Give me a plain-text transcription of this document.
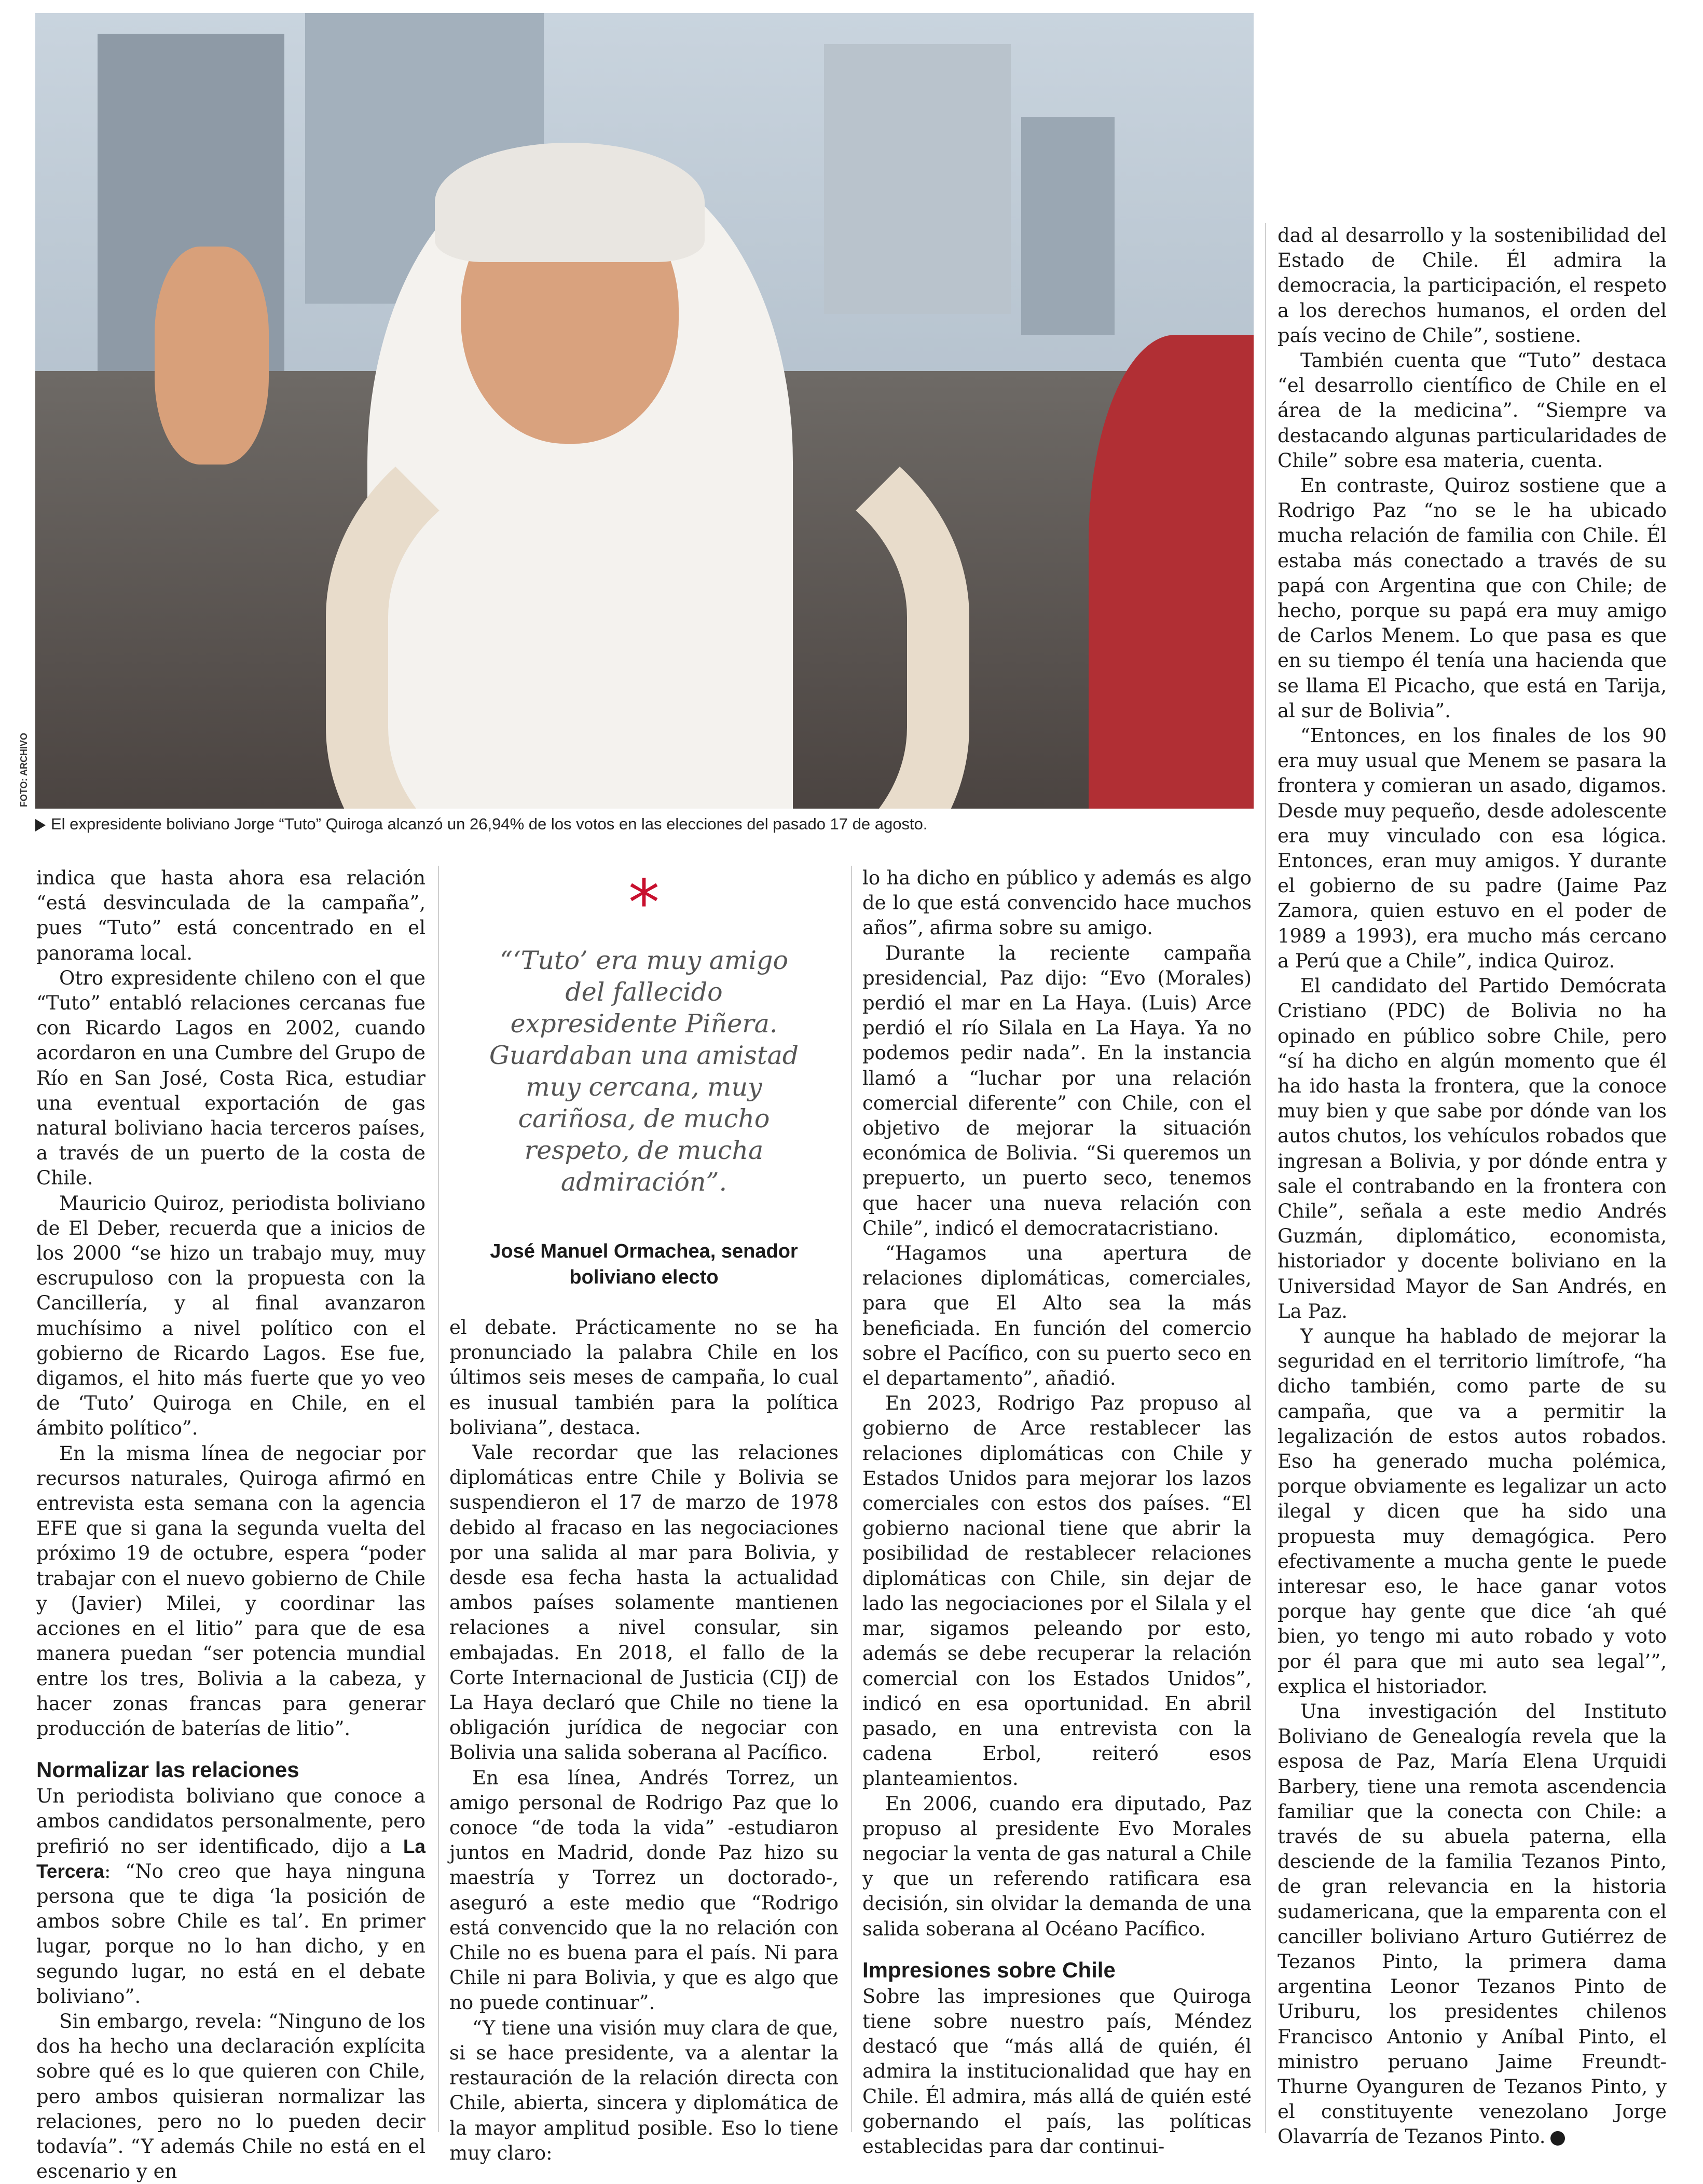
FOTO: ARCHIVO
El expresidente boliviano Jorge “Tuto” Quiroga alcanzó un 26,94% de los votos en las elecciones del pasado 17 de agosto.

indica que hasta ahora esa relación “está desvinculada de la campaña”, pues “Tuto” está concentrado en el panorama local.

Otro expresidente chileno con el que “Tuto” entabló relaciones cercanas fue con Ricardo Lagos en 2002, cuando acordaron en una Cumbre del Grupo de Río en San José, Costa Rica, estudiar una eventual exportación de gas natural boliviano hacia terceros países, a través de un puerto de la costa de Chile.

Mauricio Quiroz, periodista boliviano de El Deber, recuerda que a inicios de los 2000 “se hizo un trabajo muy, muy escrupuloso con la propuesta con la Cancillería, y al final avanzaron muchísimo a nivel político con el gobierno de Ricardo Lagos. Ese fue, digamos, el hito más fuerte que yo veo de ‘Tuto’ Quiroga en Chile, en el ámbito político”.

En la misma línea de negociar por recursos naturales, Quiroga afirmó en entrevista esta semana con la agencia EFE que si gana la segunda vuelta del próximo 19 de octubre, espera “poder trabajar con el nuevo gobierno de Chile y (Javier) Milei, y coordinar las acciones en el litio” para que de esa manera puedan “ser potencia mundial entre los tres, Bolivia a la cabeza, y hacer zonas francas para generar producción de baterías de litio”.

Normalizar las relaciones

Un periodista boliviano que conoce a ambos candidatos personalmente, pero prefirió no ser identificado, dijo a La Tercera: “No creo que haya ninguna persona que te diga ‘la posición de ambos sobre Chile es tal’. En primer lugar, porque no lo han dicho, y en segundo lugar, no está en el debate boliviano”.

Sin embargo, revela: “Ninguno de los dos ha hecho una declaración explícita sobre qué es lo que quieren con Chile, pero ambos quisieran normalizar las relaciones, pero no lo pueden decir todavía”. “Y además Chile no está en el escenario y en

*
“‘Tuto’ era muy amigo del fallecido expresidente Piñera. Guardaban una amistad muy cercana, muy cariñosa, de mucho respeto, de mucha admiración”.
José Manuel Ormachea, senador boliviano electo

el debate. Prácticamente no se ha pronunciado la palabra Chile en los últimos seis meses de campaña, lo cual es inusual también para la política boliviana”, destaca.

Vale recordar que las relaciones diplomáticas entre Chile y Bolivia se suspendieron el 17 de marzo de 1978 debido al fracaso en las negociaciones por una salida al mar para Bolivia, y desde esa fecha hasta la actualidad ambos países solamente mantienen relaciones a nivel consular, sin embajadas. En 2018, el fallo de la Corte Internacional de Justicia (CIJ) de La Haya declaró que Chile no tiene la obligación jurídica de negociar con Bolivia una salida soberana al Pacífico.

En esa línea, Andrés Torrez, un amigo personal de Rodrigo Paz que lo conoce “de toda la vida” -estudiaron juntos en Madrid, donde Paz hizo su maestría y Torrez un doctorado-, aseguró a este medio que “Rodrigo está convencido que la no relación con Chile no es buena para el país. Ni para Chile ni para Bolivia, y que es algo que no puede continuar”.

“Y tiene una visión muy clara de que, si se hace presidente, va a alentar la restauración de la relación directa con Chile, abierta, sincera y diplomática de la mayor amplitud posible. Eso lo tiene muy claro:

lo ha dicho en público y además es algo de lo que está convencido hace muchos años”, afirma sobre su amigo.

Durante la reciente campaña presidencial, Paz dijo: “Evo (Morales) perdió el mar en La Haya. (Luis) Arce perdió el río Silala en La Haya. Ya no podemos pedir nada”. En la instancia llamó a “luchar por una relación comercial diferente” con Chile, con el objetivo de mejorar la situación económica de Bolivia. “Si queremos un prepuerto, un puerto seco, tenemos que hacer una nueva relación con Chile”, indicó el democratacristiano.

“Hagamos una apertura de relaciones diplomáticas, comerciales, para que El Alto sea la más beneficiada. En función del comercio sobre el Pacífico, con su puerto seco en el departamento”, añadió.

En 2023, Rodrigo Paz propuso al gobierno de Arce restablecer las relaciones diplomáticas con Chile y Estados Unidos para mejorar los lazos comerciales con estos dos países. “El gobierno nacional tiene que abrir la posibilidad de restablecer relaciones diplomáticas con Chile, sin dejar de lado las negociaciones por el Silala y el mar, sigamos peleando por esto, además se debe recuperar la relación comercial con los Estados Unidos”, indicó en esa oportunidad. En abril pasado, en una entrevista con la cadena Erbol, reiteró esos planteamientos.

En 2006, cuando era diputado, Paz propuso al presidente Evo Morales negociar la venta de gas natural a Chile y que un referendo ratificara esa decisión, sin olvidar la demanda de una salida soberana al Océano Pacífico.

Impresiones sobre Chile

Sobre las impresiones que Quiroga tiene sobre nuestro país, Méndez destacó que “más allá de quién, él admira la institucionalidad que hay en Chile. Él admira, más allá de quién esté gobernando el país, las políticas establecidas para dar continui-

dad al desarrollo y la sostenibilidad del Estado de Chile. Él admira la democracia, la participación, el respeto a los derechos humanos, el orden del país vecino de Chile”, sostiene.

También cuenta que “Tuto” destaca “el desarrollo científico de Chile en el área de la medicina”. “Siempre va destacando algunas particularidades de Chile” sobre esa materia, cuenta.

En contraste, Quiroz sostiene que a Rodrigo Paz “no se le ha ubicado mucha relación de familia con Chile. Él estaba más conectado a través de su papá con Argentina que con Chile; de hecho, porque su papá era muy amigo de Carlos Menem. Lo que pasa es que en su tiempo él tenía una hacienda que se llama El Picacho, que está en Tarija, al sur de Bolivia”.

“Entonces, en los finales de los 90 era muy usual que Menem se pasara la frontera y comieran un asado, digamos. Desde muy pequeño, desde adolescente era muy vinculado con esa lógica. Entonces, eran muy amigos. Y durante el gobierno de su padre (Jaime Paz Zamora, quien estuvo en el poder de 1989 a 1993), era mucho más cercano a Perú que a Chile”, indica Quiroz.

El candidato del Partido Demócrata Cristiano (PDC) de Bolivia no ha opinado en público sobre Chile, pero “sí ha dicho en algún momento que él ha ido hasta la frontera, que la conoce muy bien y que sabe por dónde van los autos chutos, los vehículos robados que ingresan a Bolivia, y por dónde entra y sale el contrabando en la frontera con Chile”, señala a este medio Andrés Guzmán, diplomático, economista, historiador y docente boliviano en la Universidad Mayor de San Andrés, en La Paz.

Y aunque ha hablado de mejorar la seguridad en el territorio limítrofe, “ha dicho también, como parte de su campaña, que va a permitir la legalización de estos autos robados. Eso ha generado mucha polémica, porque obviamente es legalizar un acto ilegal y dicen que ha sido una propuesta muy demagógica. Pero efectivamente a mucha gente le puede interesar eso, le hace ganar votos porque hay gente que dice ‘ah qué bien, yo tengo mi auto robado y voto por él para que mi auto sea legal’”, explica el historiador.

Una investigación del Instituto Boliviano de Genealogía revela que la esposa de Paz, María Elena Urquidi Barbery, tiene una remota ascendencia familiar que la conecta con Chile: a través de su abuela paterna, ella desciende de la familia Tezanos Pinto, de gran relevancia en la historia sudamericana, que la emparenta con el canciller boliviano Arturo Gutiérrez de Tezanos Pinto, la primera dama argentina Leonor Tezanos Pinto de Uriburu, los presidentes chilenos Francisco Antonio y Aníbal Pinto, el ministro peruano Jaime Freundt-Thurne Oyanguren de Tezanos Pinto, y el constituyente venezolano Jorge Olavarría de Tezanos Pinto.
